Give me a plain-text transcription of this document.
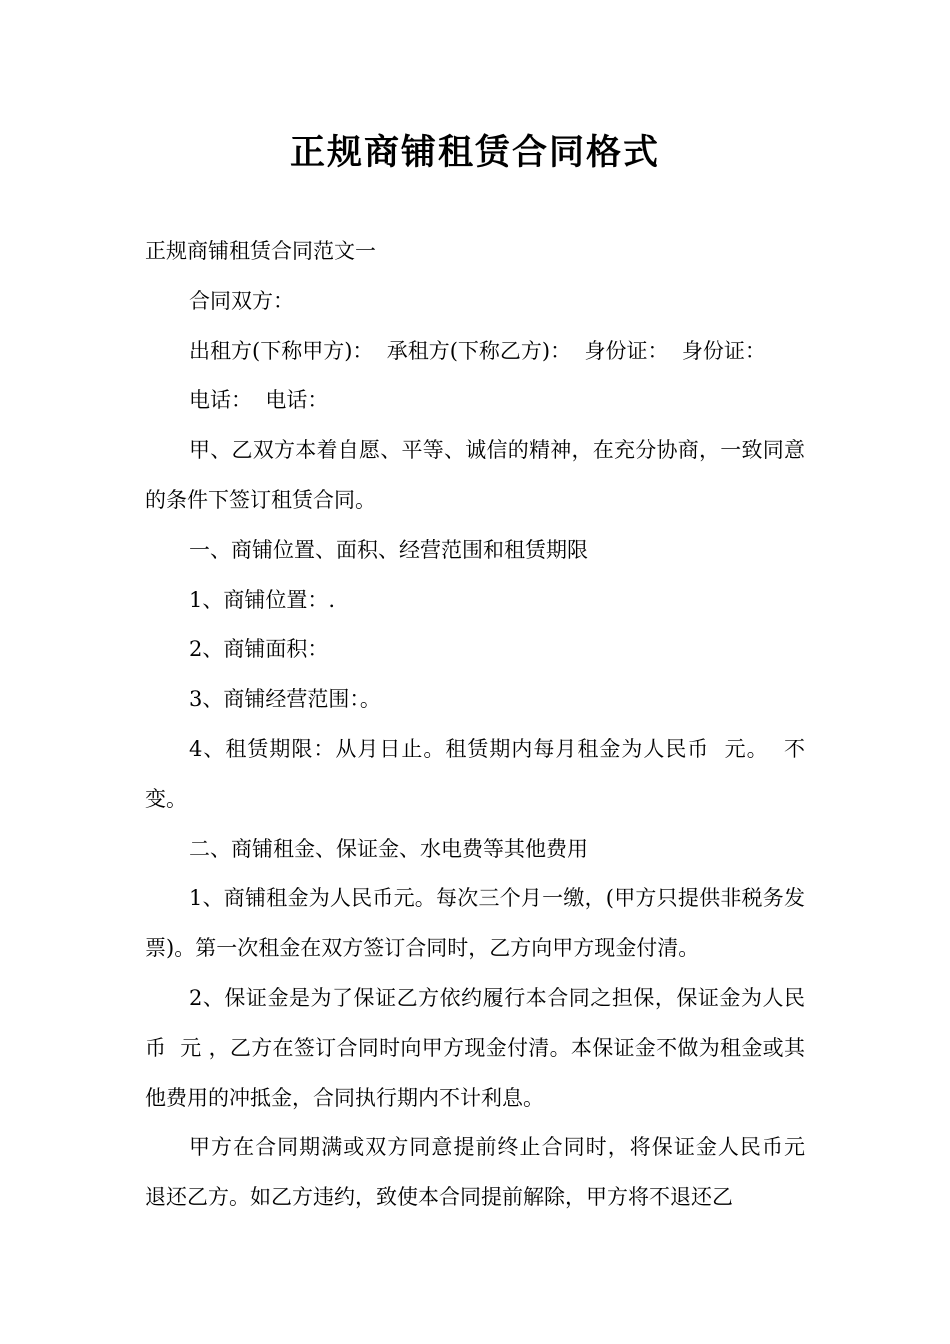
正规商铺租赁合同格式

正规商铺租赁合同范文一

合同双方：

出租方(下称甲方)：  承租方(下称乙方)：  身份证：  身份证：

电话：  电话：

甲、乙双方本着自愿、平等、诚信的精神，在充分协商，一致同意的条件下签订租赁合同。

一、商铺位置、面积、经营范围和租赁期限

1、商铺位置：.

2、商铺面积：

3、商铺经营范围：。

4、租赁期限：从月日止。租赁期内每月租金为人民币  元。  不变。

二、商铺租金、保证金、水电费等其他费用

1、商铺租金为人民币元。每次三个月一缴，(甲方只提供非税务发票)。第一次租金在双方签订合同时，乙方向甲方现金付清。

2、保证金是为了保证乙方依约履行本合同之担保，保证金为人民币  元 ，乙方在签订合同时向甲方现金付清。本保证金不做为租金或其他费用的冲抵金，合同执行期内不计利息。

甲方在合同期满或双方同意提前终止合同时，将保证金人民币元  退还乙方。如乙方违约，致使本合同提前解除，甲方将不退还乙
